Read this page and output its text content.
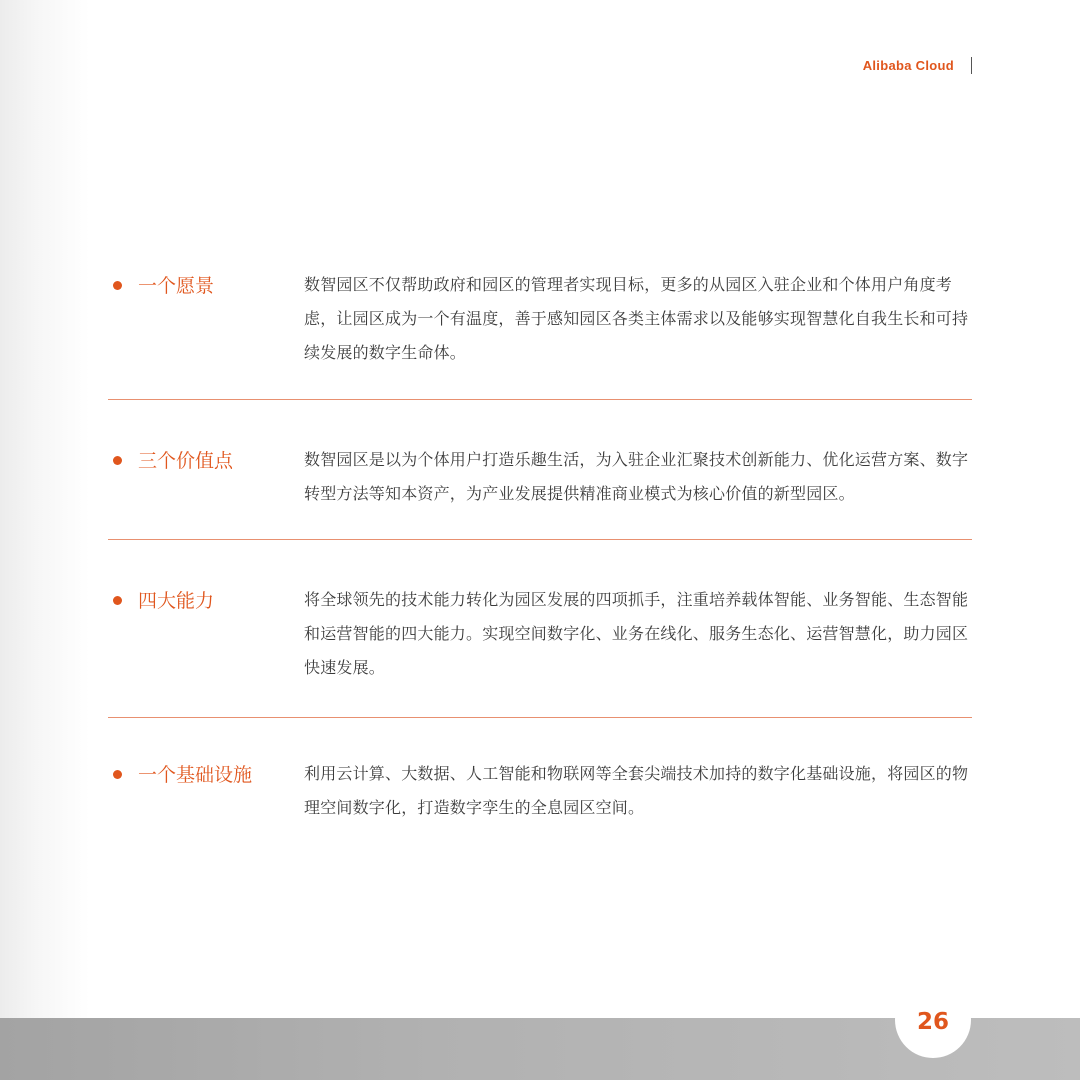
Alibaba Cloud
一个愿景	数智园区不仅帮助政府和园区的管理者实现目标，更多的从园区入驻企业和个体用户角度考虑，让园区成为一个有温度，善于感知园区各类主体需求以及能够实现智慧化自我生长和可持续发展的数字生命体。
三个价值点	数智园区是以为个体用户打造乐趣生活，为入驻企业汇聚技术创新能力、优化运营方案、数字转型方法等知本资产，为产业发展提供精准商业模式为核心价值的新型园区。
四大能力	将全球领先的技术能力转化为园区发展的四项抓手，注重培养载体智能、业务智能、生态智能和运营智能的四大能力。实现空间数字化、业务在线化、服务生态化、运营智慧化，助力园区快速发展。
一个基础设施	利用云计算、大数据、人工智能和物联网等全套尖端技术加持的数字化基础设施，将园区的物理空间数字化，打造数字孪生的全息园区空间。
26
